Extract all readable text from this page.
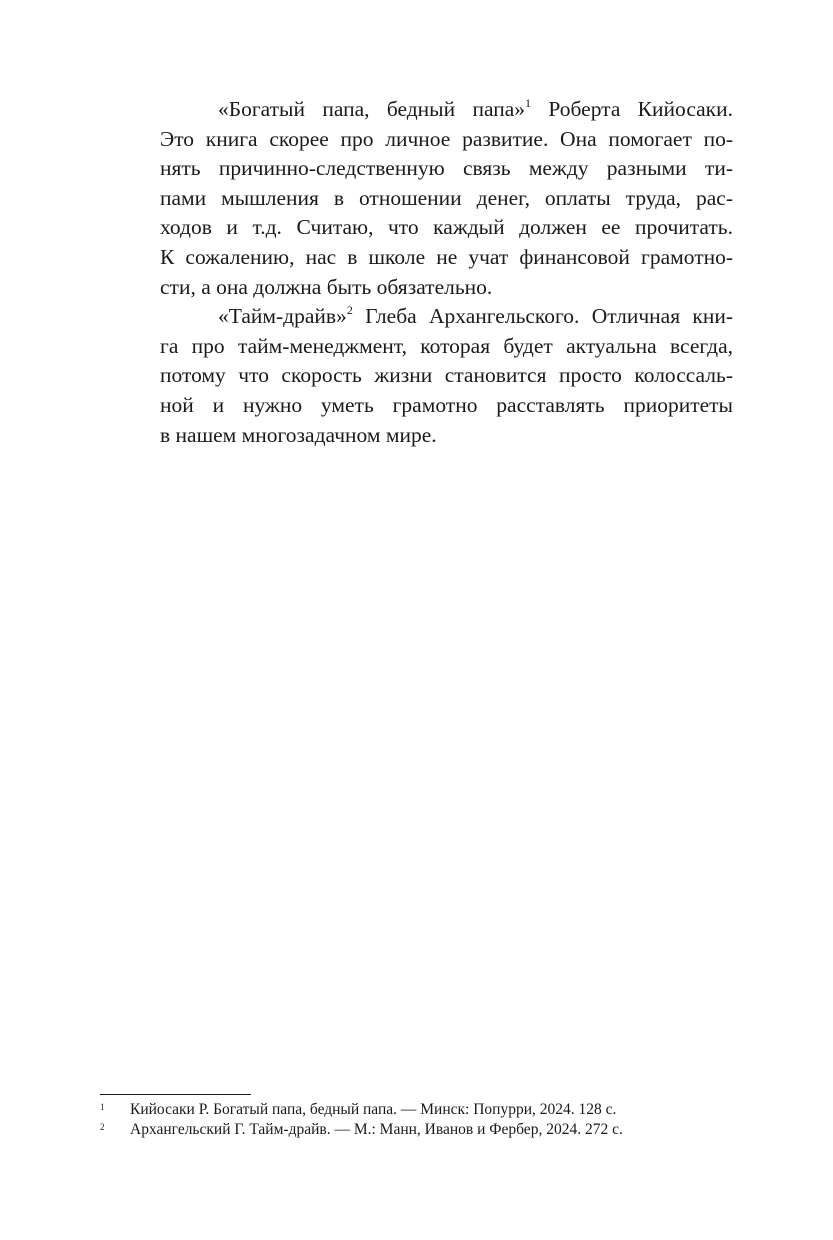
«Богатый папа, бедный папа»$^1$ Роберта Кийосаки.
Это книга скорее про личное развитие. Она помогает по-
нять причинно-следственную связь между разными ти-
пами мышления в отношении денег, оплаты труда, рас-
ходов и т.д. Считаю, что каждый должен ее прочитать.
К сожалению, нас в школе не учат финансовой грамотно-
сти, а она должна быть обязательно.
«Тайм-драйв»$^2$ Глеба Архангельского. Отличная кни-
га про тайм-менеджмент, которая будет актуальна всегда,
потому что скорость жизни становится просто колоссаль-
ной и нужно уметь грамотно расставлять приоритеты
в нашем многозадачном мире.
1	Кийосаки Р. Богатый папа, бедный папа. — Минск: Попурри, 2024. 128 с.
2	Архангельский Г. Тайм-драйв. — М.: Манн, Иванов и Фербер, 2024. 272 с.
